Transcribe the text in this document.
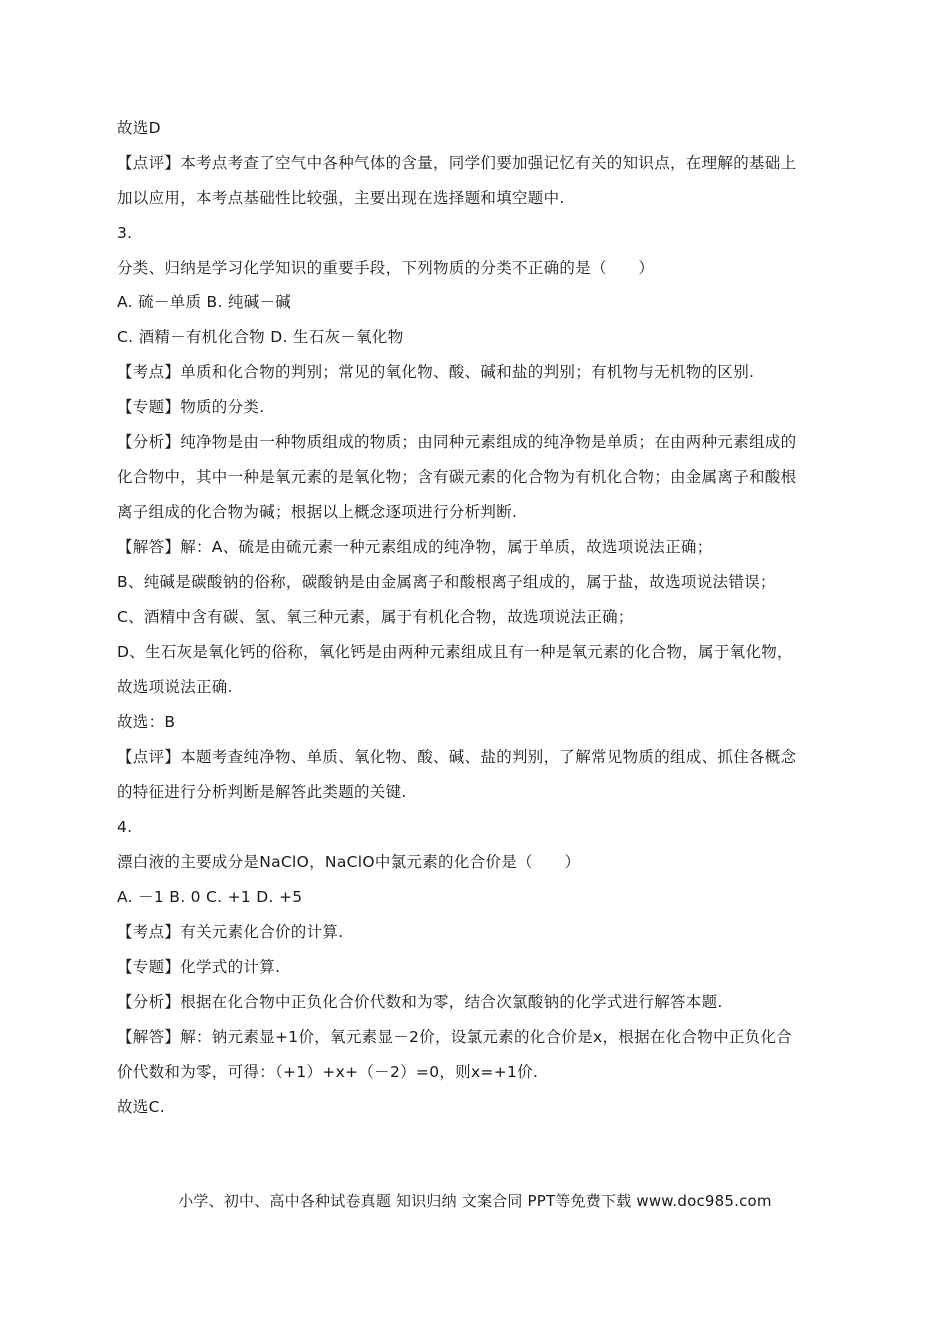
故选D
【点评】本考点考查了空气中各种气体的含量，同学们要加强记忆有关的知识点，在理解的基础上
加以应用，本考点基础性比较强，主要出现在选择题和填空题中.
3.
分类、归纳是学习化学知识的重要手段，下列物质的分类不正确的是（　　）
A. 硫－单质 B. 纯碱－碱
C. 酒精－有机化合物 D. 生石灰－氧化物
【考点】单质和化合物的判别；常见的氧化物、酸、碱和盐的判别；有机物与无机物的区别.
【专题】物质的分类.
【分析】纯净物是由一种物质组成的物质；由同种元素组成的纯净物是单质；在由两种元素组成的
化合物中，其中一种是氧元素的是氧化物；含有碳元素的化合物为有机化合物；由金属离子和酸根
离子组成的化合物为碱；根据以上概念逐项进行分析判断.
【解答】解：A、硫是由硫元素一种元素组成的纯净物，属于单质，故选项说法正确；
B、纯碱是碳酸钠的俗称，碳酸钠是由金属离子和酸根离子组成的，属于盐，故选项说法错误；
C、酒精中含有碳、氢、氧三种元素，属于有机化合物，故选项说法正确；
D、生石灰是氧化钙的俗称，氧化钙是由两种元素组成且有一种是氧元素的化合物，属于氧化物，
故选项说法正确.
故选：B
【点评】本题考查纯净物、单质、氧化物、酸、碱、盐的判别，了解常见物质的组成、抓住各概念
的特征进行分析判断是解答此类题的关键.
4.
漂白液的主要成分是NaClO，NaClO中氯元素的化合价是（　　）
A. －1 B. 0 C. +1 D. +5
【考点】有关元素化合价的计算.
【专题】化学式的计算.
【分析】根据在化合物中正负化合价代数和为零，结合次氯酸钠的化学式进行解答本题.
【解答】解：钠元素显+1价，氧元素显－2价，设氯元素的化合价是x，根据在化合物中正负化合
价代数和为零，可得：（+1）+x+（－2）=0，则x=+1价.
故选C.
小学、初中、高中各种试卷真题 知识归纳 文案合同 PPT等免费下载 www.doc985.com
